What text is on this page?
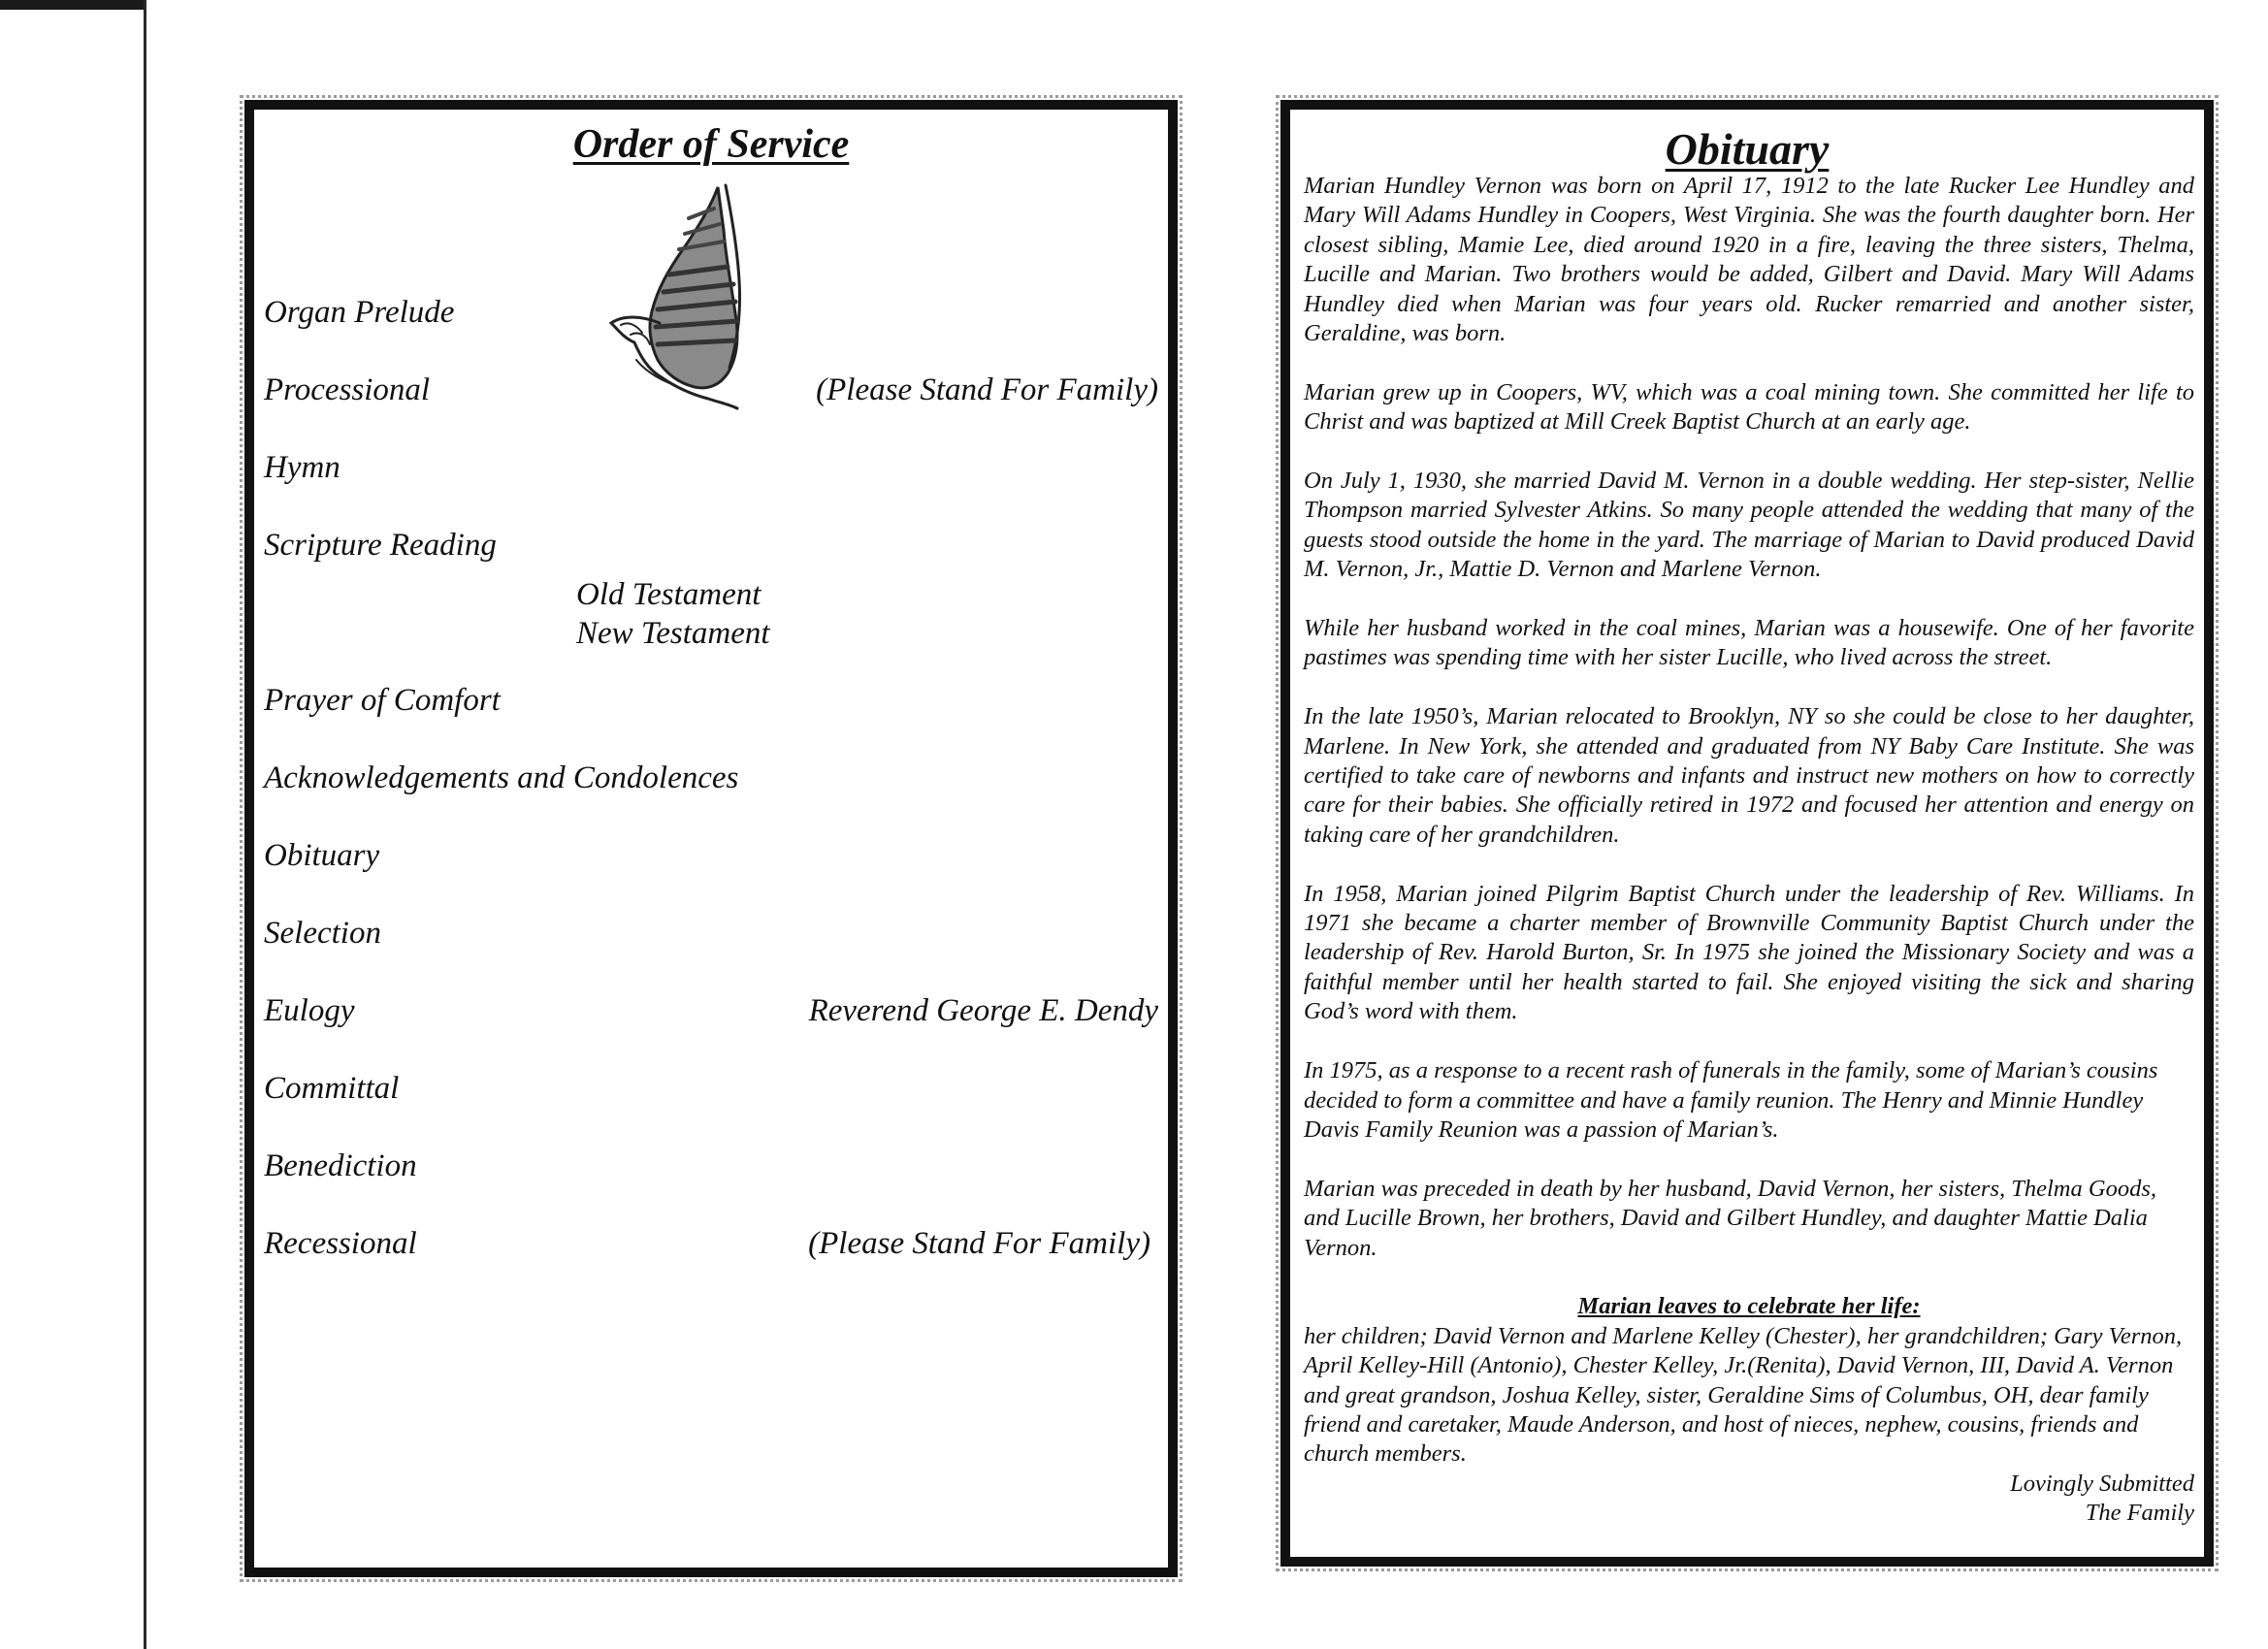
Order of Service
Organ Prelude
Processional	(Please Stand For Family)
Hymn
Scripture Reading
Old Testament
New Testament
Prayer of Comfort
Acknowledgements and Condolences
Obituary
Selection
Eulogy	Reverend George E. Dendy
Committal
Benediction
Recessional	(Please Stand For Family)
Obituary

Marian Hundley Vernon was born on April 17, 1912 to the late Rucker Lee Hundley and Mary Will Adams Hundley in Coopers, West Virginia. She was the fourth daughter born. Her closest sibling, Mamie Lee, died around 1920 in a fire, leaving the three sisters, Thelma, Lucille and Marian. Two brothers would be added, Gilbert and David. Mary Will Adams Hundley died when Marian was four years old. Rucker remarried and another sister, Geraldine, was born.

Marian grew up in Coopers, WV, which was a coal mining town. She committed her life to Christ and was baptized at Mill Creek Baptist Church at an early age.

On July 1, 1930, she married David M. Vernon in a double wedding. Her step-sister, Nellie Thompson married Sylvester Atkins. So many people attended the wedding that many of the guests stood outside the home in the yard. The marriage of Marian to David produced David M. Vernon, Jr., Mattie D. Vernon and Marlene Vernon.

While her husband worked in the coal mines, Marian was a housewife. One of her favorite pastimes was spending time with her sister Lucille, who lived across the street.

In the late 1950’s, Marian relocated to Brooklyn, NY so she could be close to her daughter, Marlene. In New York, she attended and graduated from NY Baby Care Institute. She was certified to take care of newborns and infants and instruct new mothers on how to correctly care for their babies. She officially retired in 1972 and focused her attention and energy on taking care of her grandchildren.

In 1958, Marian joined Pilgrim Baptist Church under the leadership of Rev. Williams. In 1971 she became a charter member of Brownville Community Baptist Church under the leadership of Rev. Harold Burton, Sr. In 1975 she joined the Missionary Society and was a faithful member until her health started to fail. She enjoyed visiting the sick and sharing God’s word with them.

In 1975, as a response to a recent rash of funerals in the family, some of Marian’s cousins decided to form a committee and have a family reunion. The Henry and Minnie Hundley Davis Family Reunion was a passion of Marian’s.

Marian was preceded in death by her husband, David Vernon, her sisters, Thelma Goods, and Lucille Brown, her brothers, David and Gilbert Hundley, and daughter Mattie Dalia Vernon.

Marian leaves to celebrate her life:

her children; David Vernon and Marlene Kelley (Chester), her grandchildren; Gary Vernon, April Kelley-Hill (Antonio), Chester Kelley, Jr.(Renita), David Vernon, III, David A. Vernon and great grandson, Joshua Kelley, sister, Geraldine Sims of Columbus, OH, dear family friend and caretaker, Maude Anderson, and host of nieces, nephew, cousins, friends and church members.

Lovingly Submitted

The Family
